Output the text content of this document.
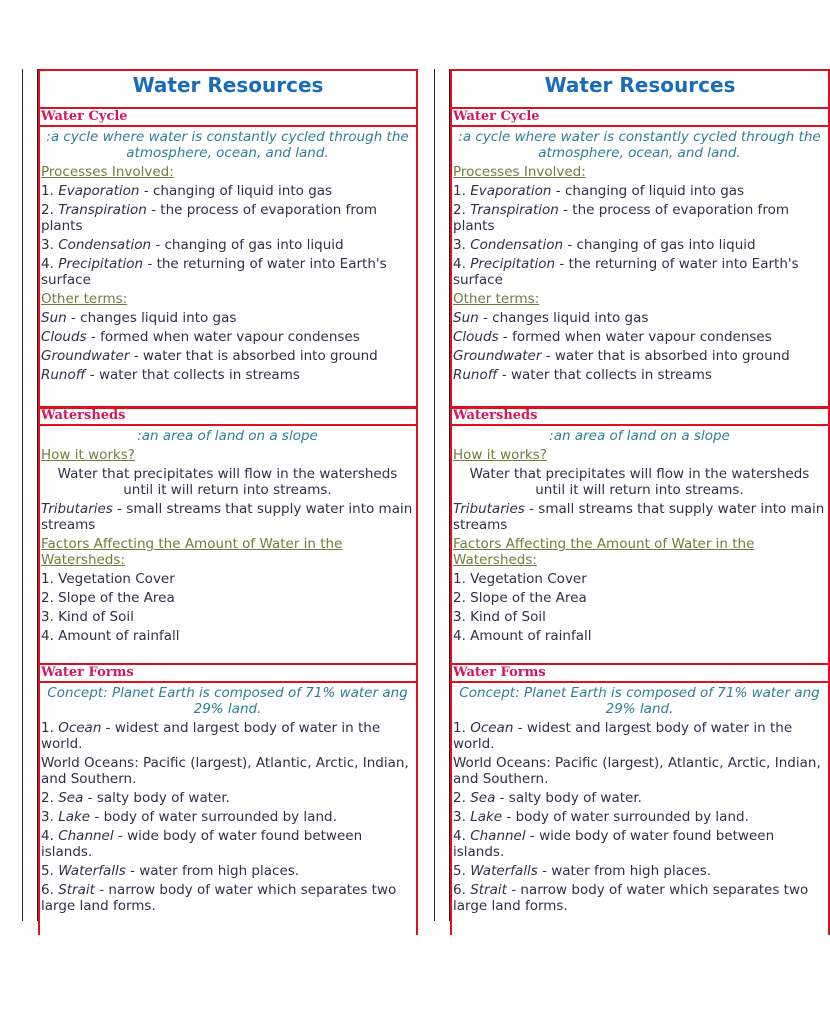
Water Resources
Water Cycle
:a cycle where water is constantly cycled through the atmosphere, ocean, and land.
Processes Involved:
1. Evaporation - changing of liquid into gas
2. Transpiration - the process of evaporation from plants
3. Condensation - changing of gas into liquid
4. Precipitation - the returning of water into Earth's surface
Other terms:
Sun - changes liquid into gas
Clouds - formed when water vapour condenses
Groundwater - water that is absorbed into ground
Runoff - water that collects in streams
Watersheds
:an area of land on a slope
How it works?
Water that precipitates will flow in the watersheds until it will return into streams.
Tributaries - small streams that supply water into main streams
Factors Affecting the Amount of Water in the Watersheds:
1. Vegetation Cover
2. Slope of the Area
3. Kind of Soil
4. Amount of rainfall
Water Forms
Concept: Planet Earth is composed of 71% water ang 29% land.
1. Ocean - widest and largest body of water in the world.
World Oceans: Pacific (largest), Atlantic, Arctic, Indian, and Southern.
2. Sea - salty body of water.
3. Lake - body of water surrounded by land.
4. Channel - wide body of water found between islands.
5. Waterfalls - water from high places.
6. Strait - narrow body of water which separates two large land forms.
Water Resources
Water Cycle
:a cycle where water is constantly cycled through the atmosphere, ocean, and land.
Processes Involved:
1. Evaporation - changing of liquid into gas
2. Transpiration - the process of evaporation from plants
3. Condensation - changing of gas into liquid
4. Precipitation - the returning of water into Earth's surface
Other terms:
Sun - changes liquid into gas
Clouds - formed when water vapour condenses
Groundwater - water that is absorbed into ground
Runoff - water that collects in streams
Watersheds
:an area of land on a slope
How it works?
Water that precipitates will flow in the watersheds until it will return into streams.
Tributaries - small streams that supply water into main streams
Factors Affecting the Amount of Water in the Watersheds:
1. Vegetation Cover
2. Slope of the Area
3. Kind of Soil
4. Amount of rainfall
Water Forms
Concept: Planet Earth is composed of 71% water ang 29% land.
1. Ocean - widest and largest body of water in the world.
World Oceans: Pacific (largest), Atlantic, Arctic, Indian, and Southern.
2. Sea - salty body of water.
3. Lake - body of water surrounded by land.
4. Channel - wide body of water found between islands.
5. Waterfalls - water from high places.
6. Strait - narrow body of water which separates two large land forms.
